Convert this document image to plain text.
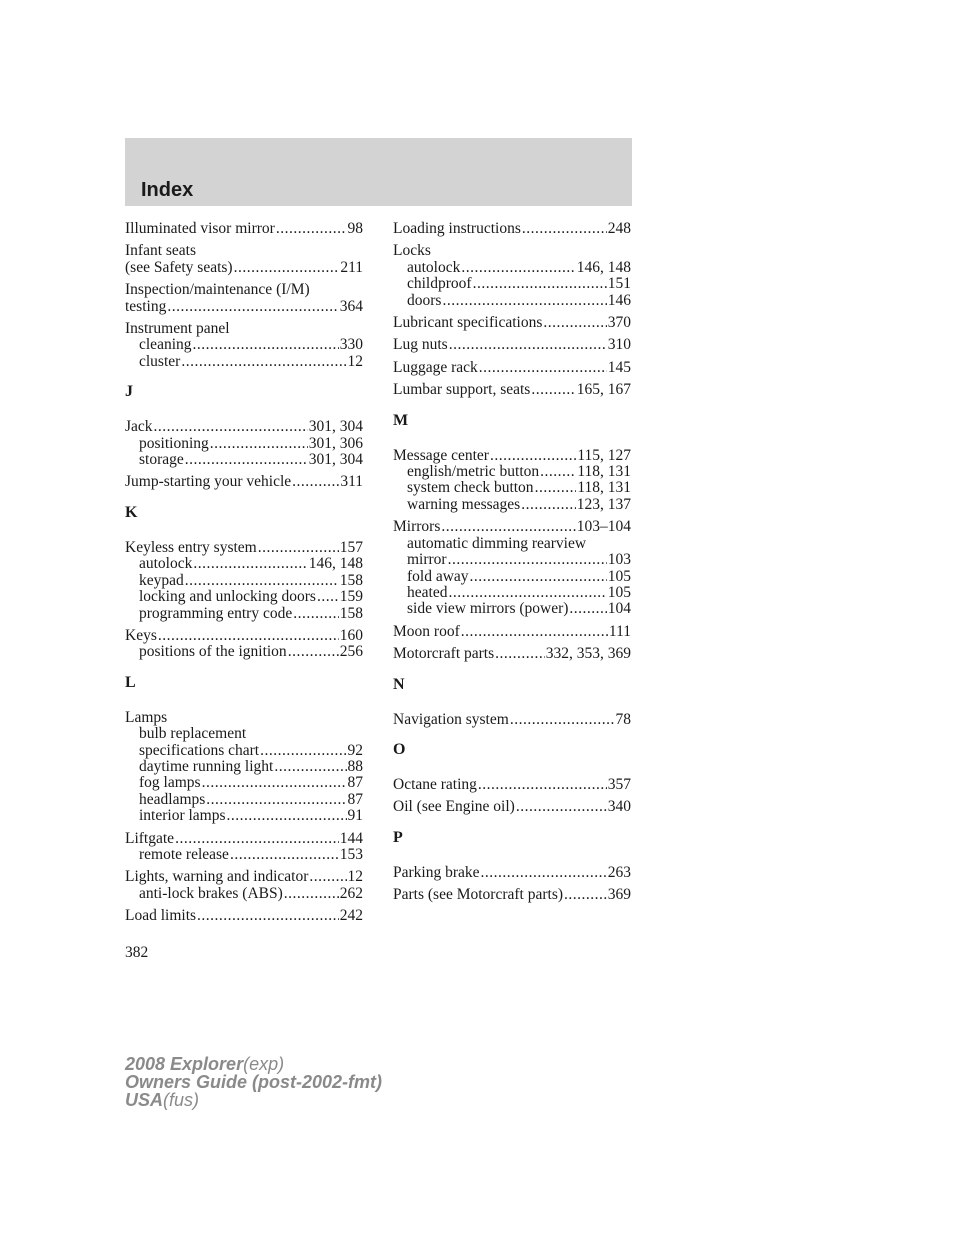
Index
Illuminated visor mirror .....	98
Infant seats
(see Safety seats) .....	211
Inspection/maintenance (I/M)
testing .....	364
Instrument panel
cleaning .....	330
cluster .....	12
J
Jack .....	301, 304
positioning .....	301, 306
storage .....	301, 304
Jump-starting your vehicle .....	311
K
Keyless entry system .....	157
autolock .....	146, 148
keypad .....	158
locking and unlocking doors ..... 159
programming entry code .....	158
Keys .....	160
positions of the ignition .....	256
L
Lamps
bulb replacement
specifications chart .....	92
daytime running light .....	88
fog lamps .....	87
headlamps .....	87
interior lamps .....	91
Liftgate .....	144
remote release .....	153
Lights, warning and indicator .....	12
anti-lock brakes (ABS) .....	262
Load limits .....	242
Loading instructions .....	248
Locks
autolock .....	146, 148
childproof .....	151
doors .....	146
Lubricant specifications .....	370
Lug nuts .....	310
Luggage rack .....	145
Lumbar support, seats .....	165, 167
M
Message center .....	115, 127
english/metric button ..... 118, 131
system check button .....	118, 131
warning messages .....	123, 137
Mirrors .....	103–104
automatic dimming rearview
mirror .....	103
fold away .....	105
heated .....	105
side view mirrors (power) .....	104
Moon roof .....	111
Motorcraft parts .....	332, 353, 369
N
Navigation system .....	78
O
Octane rating .....	357
Oil (see Engine oil) .....	340
P
Parking brake .....	263
Parts (see Motorcraft parts) .....	369
382
2008 Explorer(exp)
Owners Guide (post-2002-fmt)
USA(fus)
